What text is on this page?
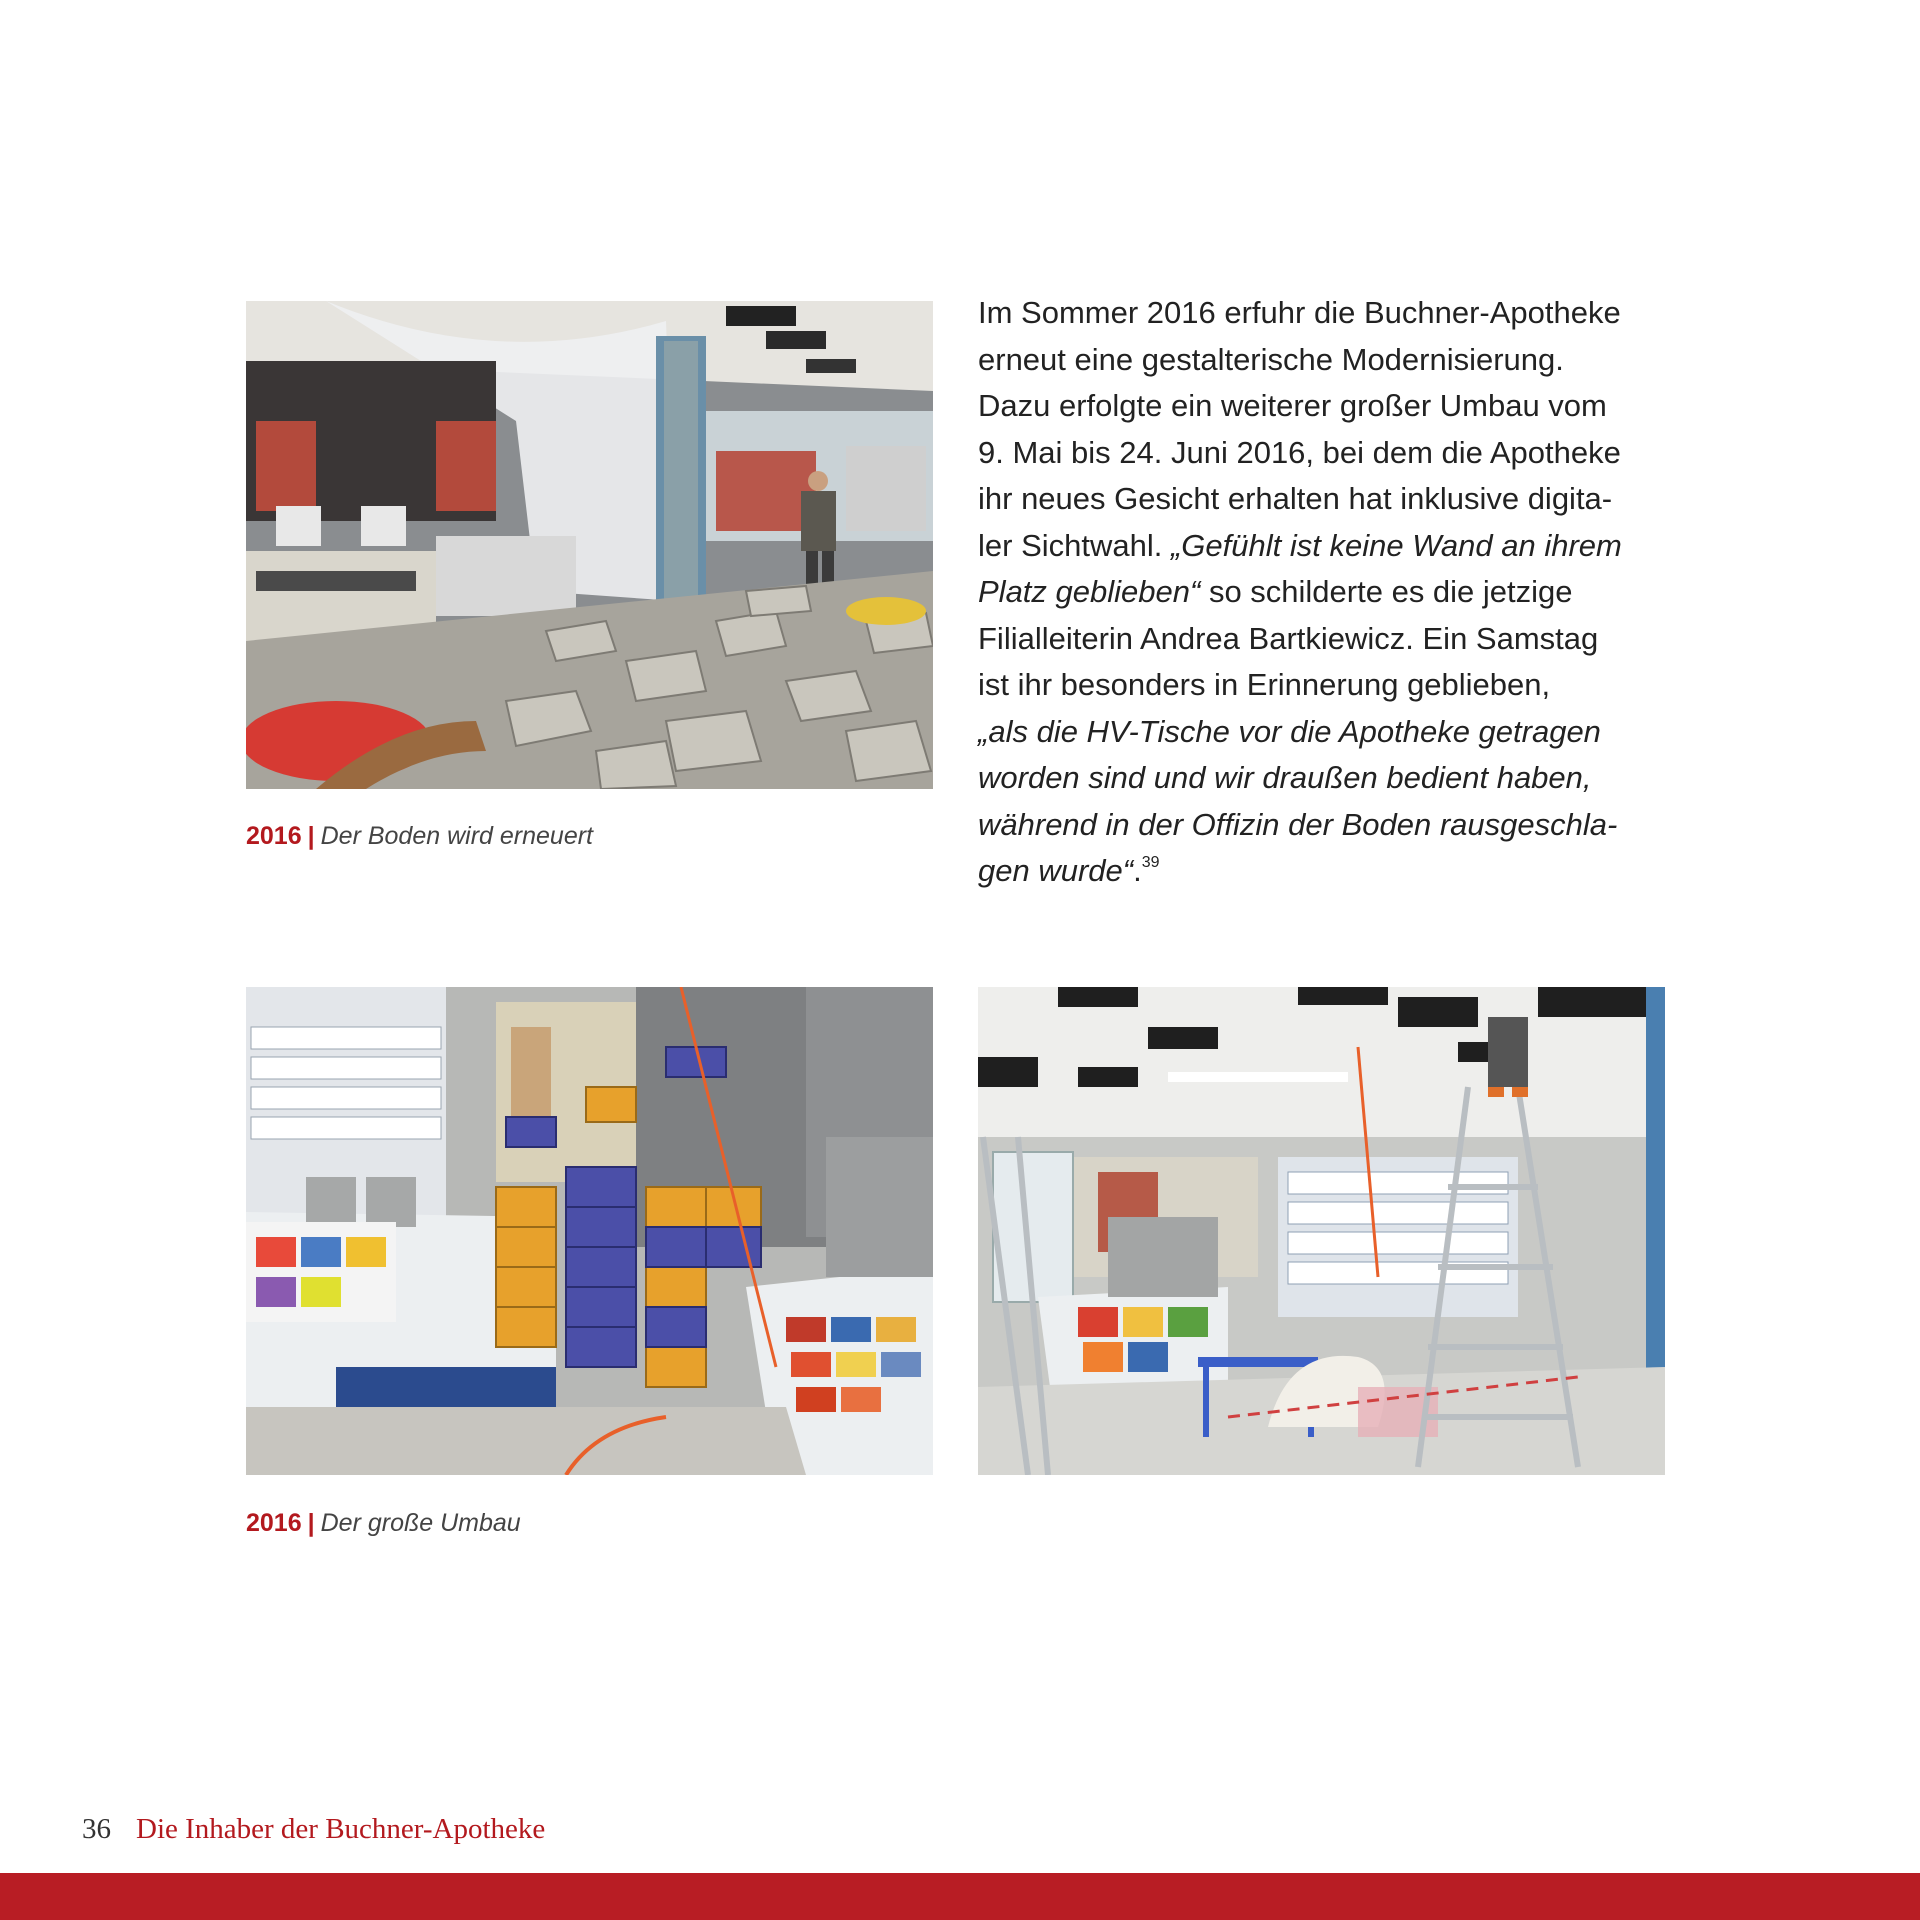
2016 | Der Boden wird erneuert
Im Sommer 2016 erfuhr die Buchner-Apotheke
erneut eine gestalterische Modernisierung.
Dazu erfolgte ein weiterer großer Umbau vom
9. Mai bis 24. Juni 2016, bei dem die Apotheke
ihr neues Gesicht erhalten hat inklusive digita-
ler Sichtwahl. „Gefühlt ist keine Wand an ihrem
Platz geblieben“ so schilderte es die jetzige
Filialleiterin Andrea Bartkiewicz. Ein Samstag
ist ihr besonders in Erinnerung geblieben,
„als die HV-Tische vor die Apotheke getragen
worden sind und wir draußen bedient haben,
während in der Offizin der Boden rausgeschla-
gen wurde“.$^{39}$
2016 | Der große Umbau
36 Die Inhaber der Buchner-Apotheke
